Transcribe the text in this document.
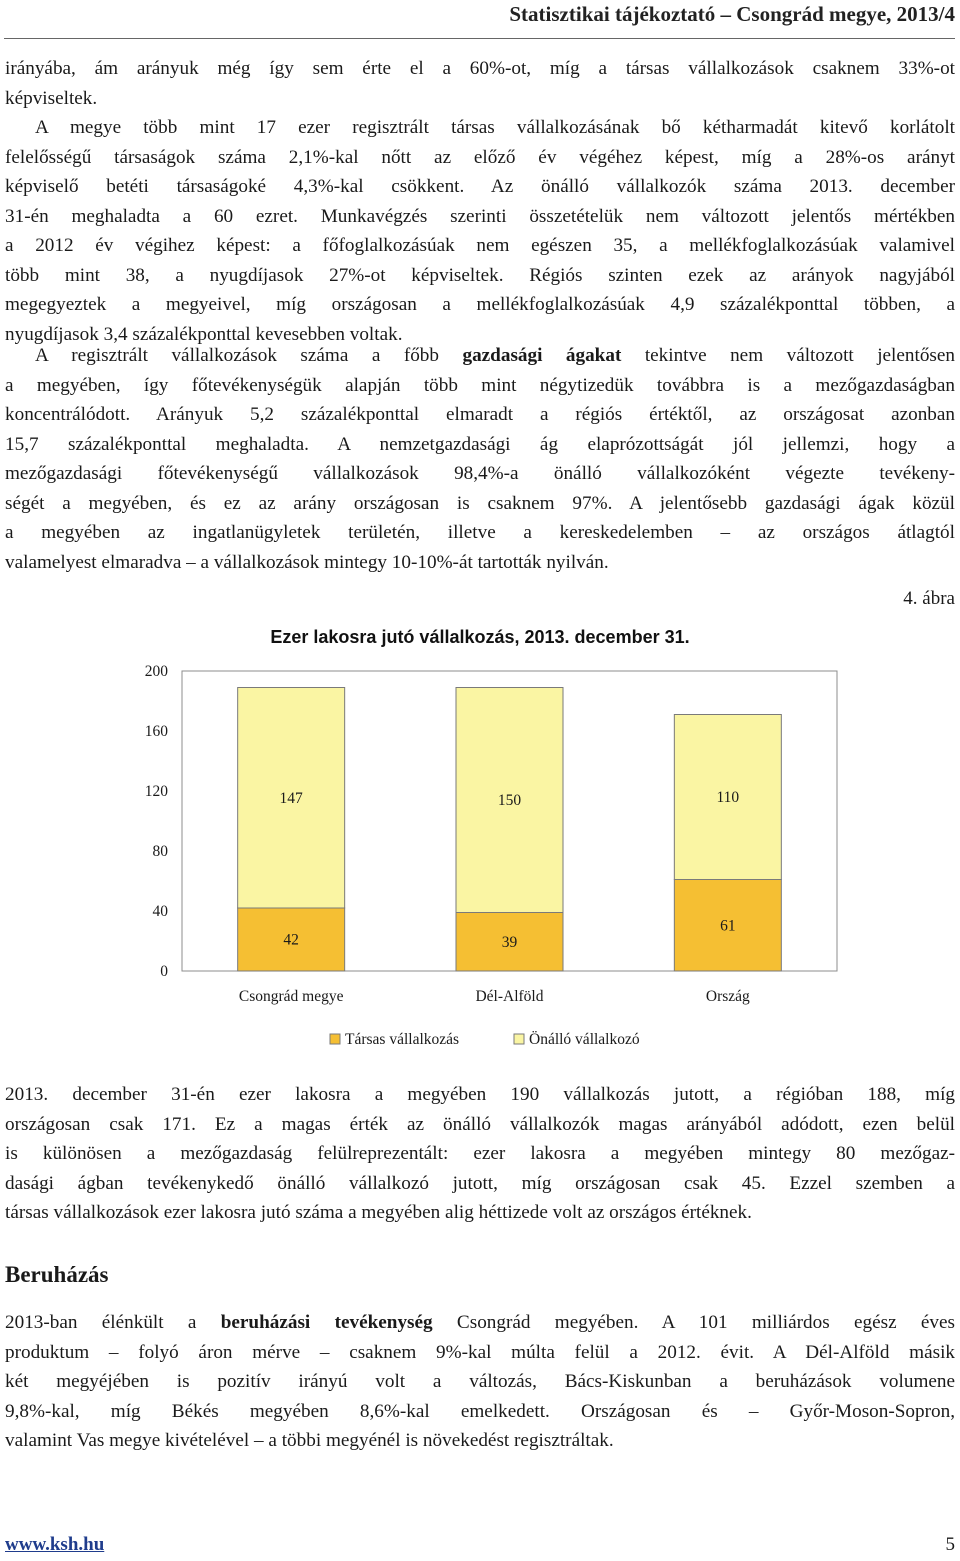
Statisztikai tájékoztató – Csongrád megye, 2013/4
irányába, ám arányuk még így sem érte el a 60%-ot, míg a társas vállalkozások csaknem 33%-ot
képviseltek.
A megye több mint 17 ezer regisztrált társas vállalkozásának bő kétharmadát kitevő korlátolt
felelősségű társaságok száma 2,1%-kal nőtt az előző év végéhez képest, míg a 28%-os arányt
képviselő betéti társaságoké 4,3%-kal csökkent. Az önálló vállalkozók száma 2013. december
31-én meghaladta a 60 ezret. Munkavégzés szerinti összetételük nem változott jelentős mértékben
a 2012 év végihez képest: a főfoglalkozásúak nem egészen 35, a mellékfoglalkozásúak valamivel
több mint 38, a nyugdíjasok 27%-ot képviseltek. Régiós szinten ezek az arányok nagyjából
megegyeztek a megyeivel, míg országosan a mellékfoglalkozásúak 4,9 százalékponttal többen, a
nyugdíjasok 3,4 százalékponttal kevesebben voltak.
A regisztrált vállalkozások száma a főbb gazdasági ágakat tekintve nem változott jelentősen
a megyében, így főtevékenységük alapján több mint négytizedük továbbra is a mezőgazdaságban
koncentrálódott. Arányuk 5,2 százalékponttal elmaradt a régiós értéktől, az országosat azonban
15,7 százalékponttal meghaladta. A nemzetgazdasági ág elaprózottságát jól jellemzi, hogy a
mezőgazdasági főtevékenységű vállalkozások 98,4%-a önálló vállalkozóként végezte tevékeny-
ségét a megyében, és ez az arány országosan is csaknem 97%. A jelentősebb gazdasági ágak közül
a megyében az ingatlanügyletek területén, illetve a kereskedelemben – az országos átlagtól
valamelyest elmaradva – a vállalkozások mintegy 10-10%-át tartották nyilván.
4. ábra
Ezer lakosra jutó vállalkozás, 2013. december 31.
0
40
80
120
160
200
42
147
Csongrád megye
39
150
Dél-Alföld
61
110
Ország
Társas vállalkozás	Önálló vállalkozó
2013. december 31-én ezer lakosra a megyében 190 vállalkozás jutott, a régióban 188, míg
országosan csak 171. Ez a magas érték az önálló vállalkozók magas arányából adódott, ezen belül
is különösen a mezőgazdaság felülreprezentált: ezer lakosra a megyében mintegy 80 mezőgaz-
dasági ágban tevékenykedő önálló vállalkozó jutott, míg országosan csak 45. Ezzel szemben a
társas vállalkozások ezer lakosra jutó száma a megyében alig héttizede volt az országos értéknek.
Beruházás
2013-ban élénkült a beruházási tevékenység Csongrád megyében. A 101 milliárdos egész éves
produktum – folyó áron mérve – csaknem 9%-kal múlta felül a 2012. évit. A Dél-Alföld másik
két megyéjében is pozitív irányú volt a változás, Bács-Kiskunban a beruházások volumene
9,8%-kal, míg Békés megyében 8,6%-kal emelkedett. Országosan és – Győr-Moson-Sopron,
valamint Vas megye kivételével – a többi megyénél is növekedést regisztráltak.
www.ksh.hu	5
